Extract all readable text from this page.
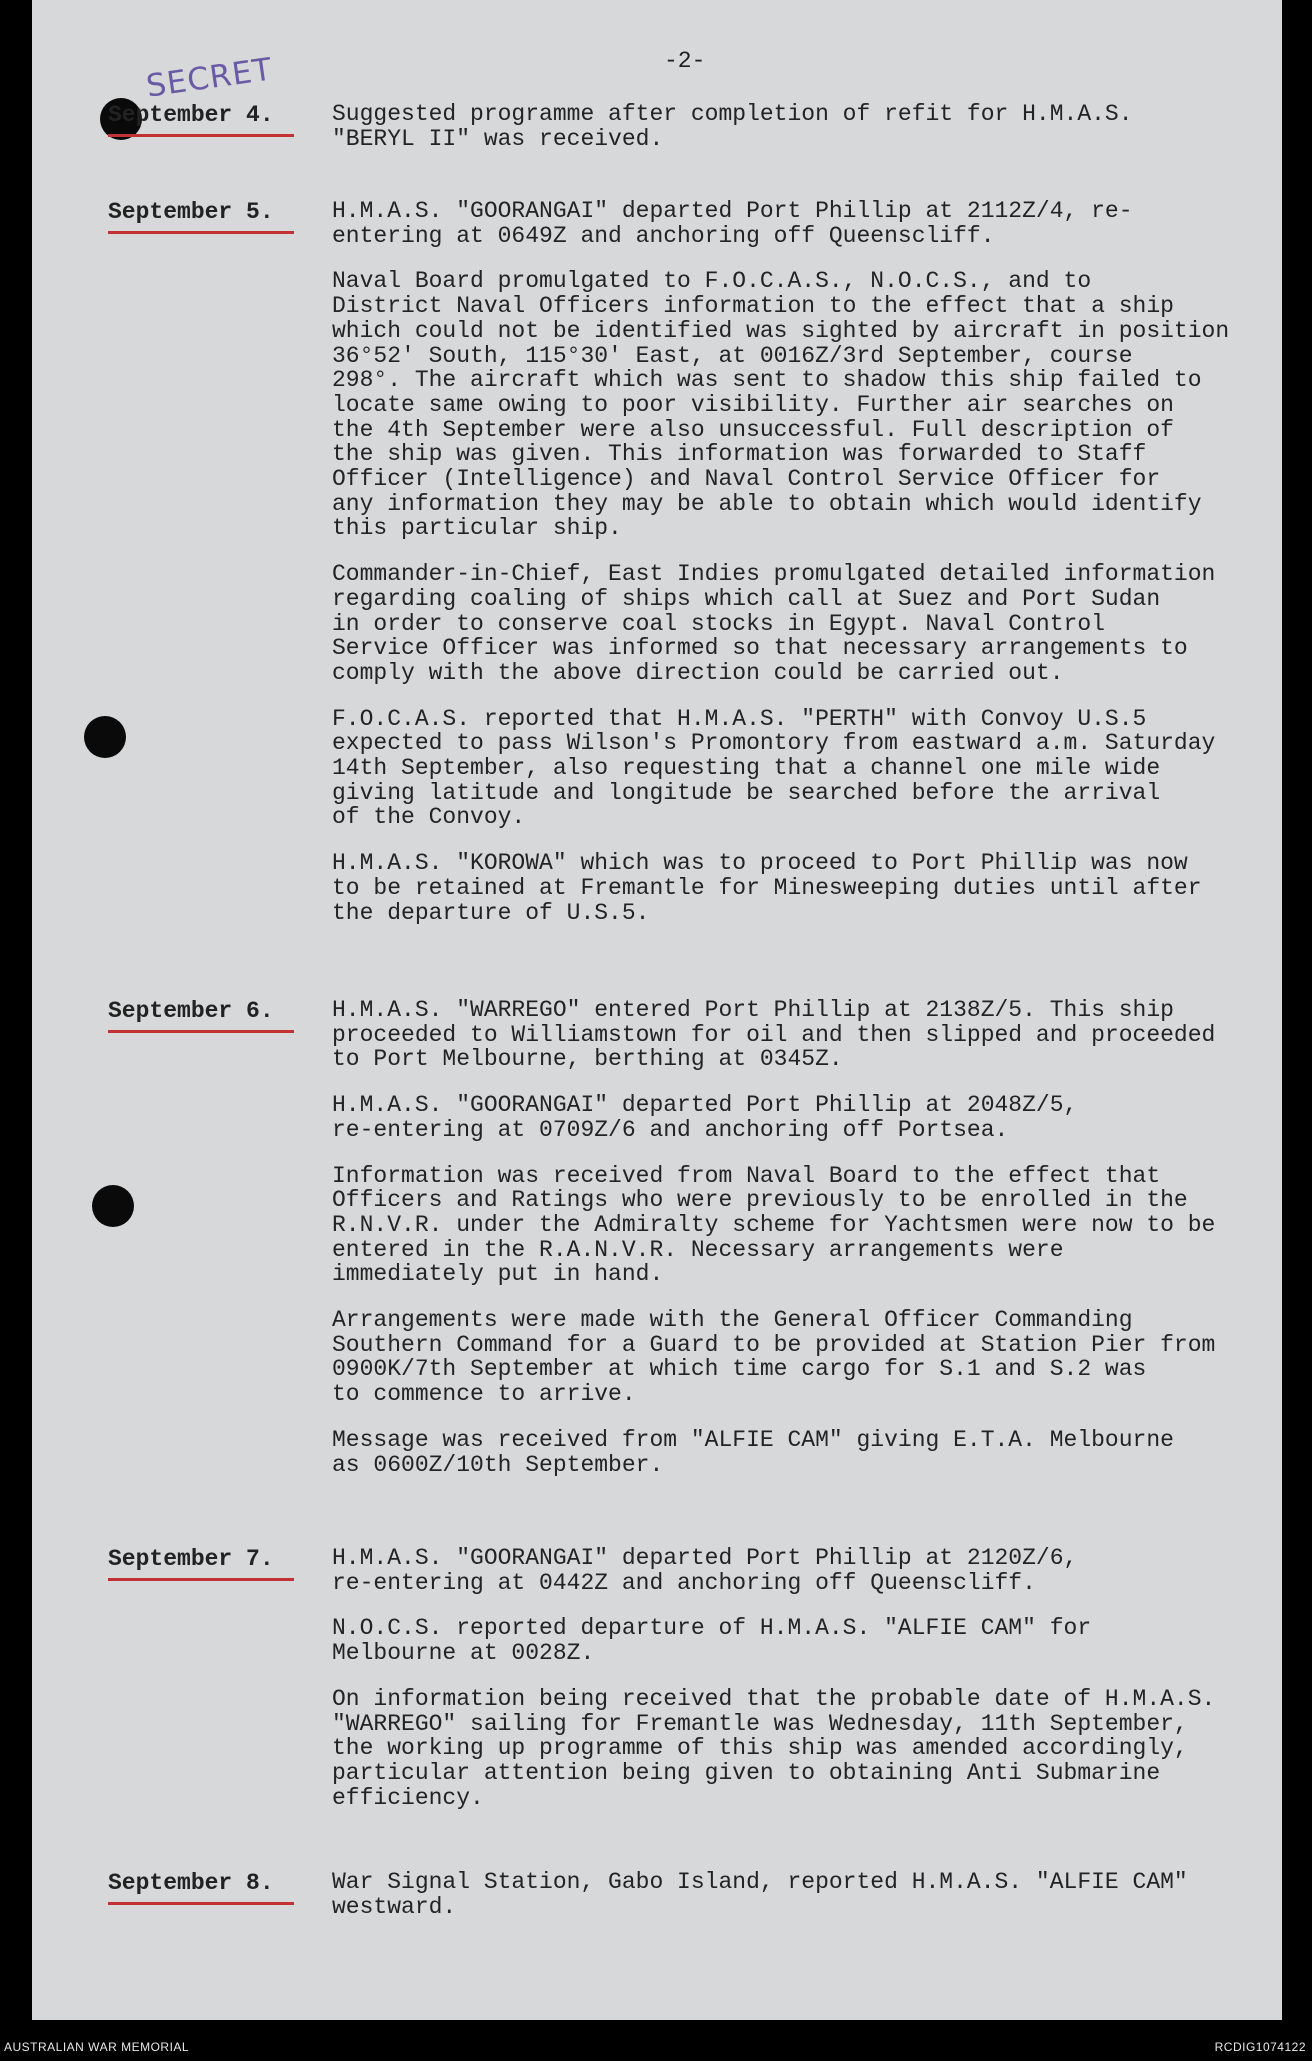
-2-
SECRET
September 4.	Suggested programme after completion of refit for H.M.A.S.
"BERYL II" was received.

September 5.	H.M.A.S. "GOORANGAI" departed Port Phillip at 2112Z/4, re-
entering at 0649Z and anchoring off Queenscliff.

Naval Board promulgated to F.O.C.A.S., N.O.C.S., and to
District Naval Officers information to the effect that a ship
which could not be identified was sighted by aircraft in position
36°52' South, 115°30' East, at 0016Z/3rd September, course
298°. The aircraft which was sent to shadow this ship failed to
locate same owing to poor visibility. Further air searches on
the 4th September were also unsuccessful. Full description of
the ship was given. This information was forwarded to Staff
Officer (Intelligence) and Naval Control Service Officer for
any information they may be able to obtain which would identify
this particular ship.

Commander-in-Chief, East Indies promulgated detailed information
regarding coaling of ships which call at Suez and Port Sudan
in order to conserve coal stocks in Egypt. Naval Control
Service Officer was informed so that necessary arrangements to
comply with the above direction could be carried out.

F.O.C.A.S. reported that H.M.A.S. "PERTH" with Convoy U.S.5
expected to pass Wilson's Promontory from eastward a.m. Saturday
14th September, also requesting that a channel one mile wide
giving latitude and longitude be searched before the arrival
of the Convoy.

H.M.A.S. "KOROWA" which was to proceed to Port Phillip was now
to be retained at Fremantle for Minesweeping duties until after
the departure of U.S.5.

September 6.	H.M.A.S. "WARREGO" entered Port Phillip at 2138Z/5. This ship
proceeded to Williamstown for oil and then slipped and proceeded
to Port Melbourne, berthing at 0345Z.

H.M.A.S. "GOORANGAI" departed Port Phillip at 2048Z/5,
re-entering at 0709Z/6 and anchoring off Portsea.

Information was received from Naval Board to the effect that
Officers and Ratings who were previously to be enrolled in the
R.N.V.R. under the Admiralty scheme for Yachtsmen were now to be
entered in the R.A.N.V.R. Necessary arrangements were
immediately put in hand.

Arrangements were made with the General Officer Commanding
Southern Command for a Guard to be provided at Station Pier from
0900K/7th September at which time cargo for S.1 and S.2 was
to commence to arrive.

Message was received from "ALFIE CAM" giving E.T.A. Melbourne
as 0600Z/10th September.

September 7.	H.M.A.S. "GOORANGAI" departed Port Phillip at 2120Z/6,
re-entering at 0442Z and anchoring off Queenscliff.

N.O.C.S. reported departure of H.M.A.S. "ALFIE CAM" for
Melbourne at 0028Z.

On information being received that the probable date of H.M.A.S.
"WARREGO" sailing for Fremantle was Wednesday, 11th September,
the working up programme of this ship was amended accordingly,
particular attention being given to obtaining Anti Submarine
efficiency.

September 8.	War Signal Station, Gabo Island, reported H.M.A.S. "ALFIE CAM"
westward.

AUSTRALIAN WAR MEMORIAL	RCDIG1074122
